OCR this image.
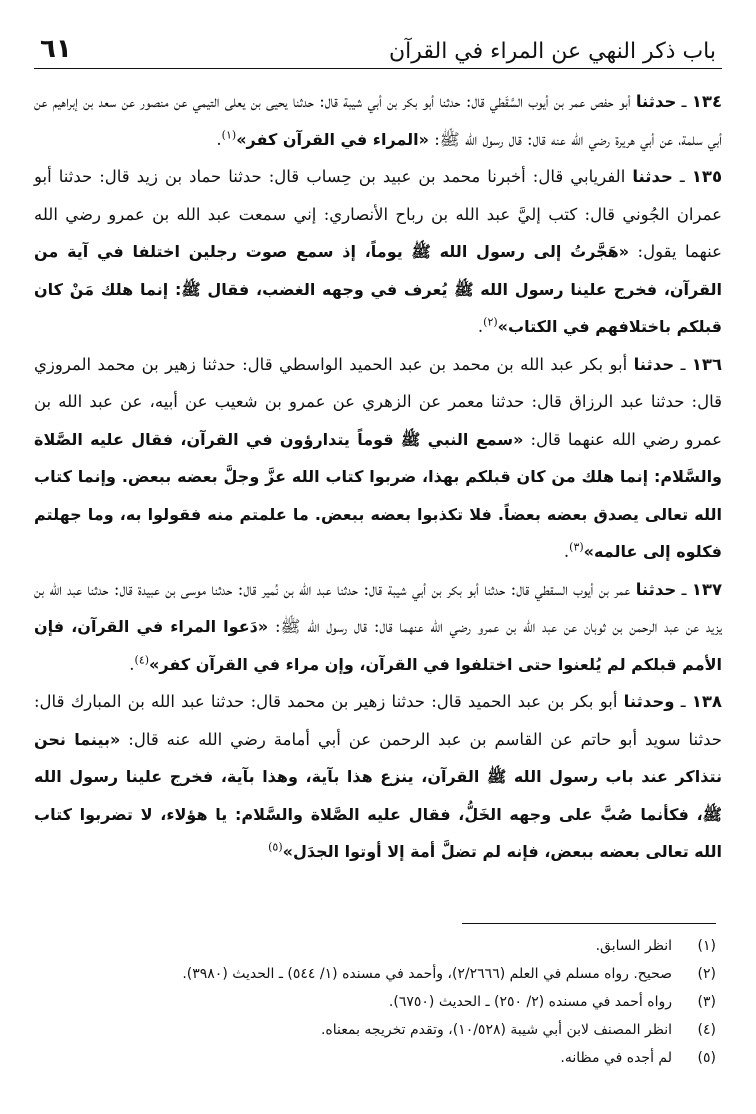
٦١	باب ذكر النهي عن المراء في القرآن

١٣٤ ـ حدثنا أبو حفص عمر بن أيوب السَّقَطي قال: حدثنا أبو بكر بن أبي شيبة قال: حدثنا يحيى بن يعلى التيمي عن منصور عن سعد بن إبراهيم عن أبي سلمة، عن أبي هريرة رضي الله عنه قال: قال رسول الله ﷺ: «المراء في القرآن كفر»$^{(١)}$.

١٣٥ ـ حدثنا الفريابي قال: أخبرنا محمد بن عبيد بن حِساب قال: حدثنا حماد بن زيد قال: حدثنا أبو عمران الجُوني قال: كتب إليَّ عبد الله بن رباح الأنصاري: إني سمعت عبد الله بن عمرو رضي الله عنهما يقول: «هَجَّرتُ إلى رسول الله ﷺ يوماً، إذ سمع صوت رجلين اختلفا في آية من القرآن، فخرج علينا رسول الله ﷺ يُعرف في وجهه الغضب، فقال ﷺ: إنما هلك مَنْ كان قبلكم باختلافهم في الكتاب»$^{(٢)}$.

١٣٦ ـ حدثنا أبو بكر عبد الله بن محمد بن عبد الحميد الواسطي قال: حدثنا زهير بن محمد المروزي قال: حدثنا عبد الرزاق قال: حدثنا معمر عن الزهري عن عمرو بن شعيب عن أبيه، عن عبد الله بن عمرو رضي الله عنهما قال: «سمع النبي ﷺ قوماً يتدارؤون في القرآن، فقال عليه الصَّلاة والسَّلام: إنما هلك من كان قبلكم بهذا، ضربوا كتاب الله عزَّ وجلَّ بعضه ببعض. وإنما كتاب الله تعالى يصدق بعضه بعضاً. فلا تكذبوا بعضه ببعض. ما علمتم منه فقولوا به، وما جهلتم فكلوه إلى عالمه»$^{(٣)}$.

١٣٧ ـ حدثنا عمر بن أيوب السقطي قال: حدثنا أبو بكر بن أبي شيبة قال: حدثنا عبد الله بن نُمير قال: حدثنا موسى بن عبيدة قال: حدثنا عبد الله بن يزيد عن عبد الرحمن بن ثوبان عن عبد الله بن عمرو رضي الله عنهما قال: قال رسول الله ﷺ: «دَعوا المراء في القرآن، فإن الأمم قبلكم لم يُلعنوا حتى اختلفوا في القرآن، وإن مراء في القرآن كفر»$^{(٤)}$.

١٣٨ ـ وحدثنا أبو بكر بن عبد الحميد قال: حدثنا زهير بن محمد قال: حدثنا عبد الله بن المبارك قال: حدثنا سويد أبو حاتم عن القاسم بن عبد الرحمن عن أبي أمامة رضي الله عنه قال: «بينما نحن نتذاكر عند باب رسول الله ﷺ القرآن، ينزع هذا بآية، وهذا بآية، فخرج علينا رسول الله ﷺ، فكأنما صُبَّ على وجهه الخَلُّ، فقال عليه الصَّلاة والسَّلام: يا هؤلاء، لا تضربوا كتاب الله تعالى بعضه ببعض، فإنه لم تضلَّ أمة إلا أوتوا الجدَل»$^{(٥)}$

(١)
انظر السابق.
(٢)
صحيح. رواه مسلم في العلم (٢/٢٦٦٦)، وأحمد في مسنده (١/ ٥٤٤) ـ الحديث (٣٩٨٠).
(٣)
رواه أحمد في مسنده (٢/ ٢٥٠) ـ الحديث (٦٧٥٠).
(٤)
انظر المصنف لابن أبي شيبة (١٠/٥٢٨)، وتقدم تخريجه بمعناه.
(٥)
لم أجده في مظانه.
